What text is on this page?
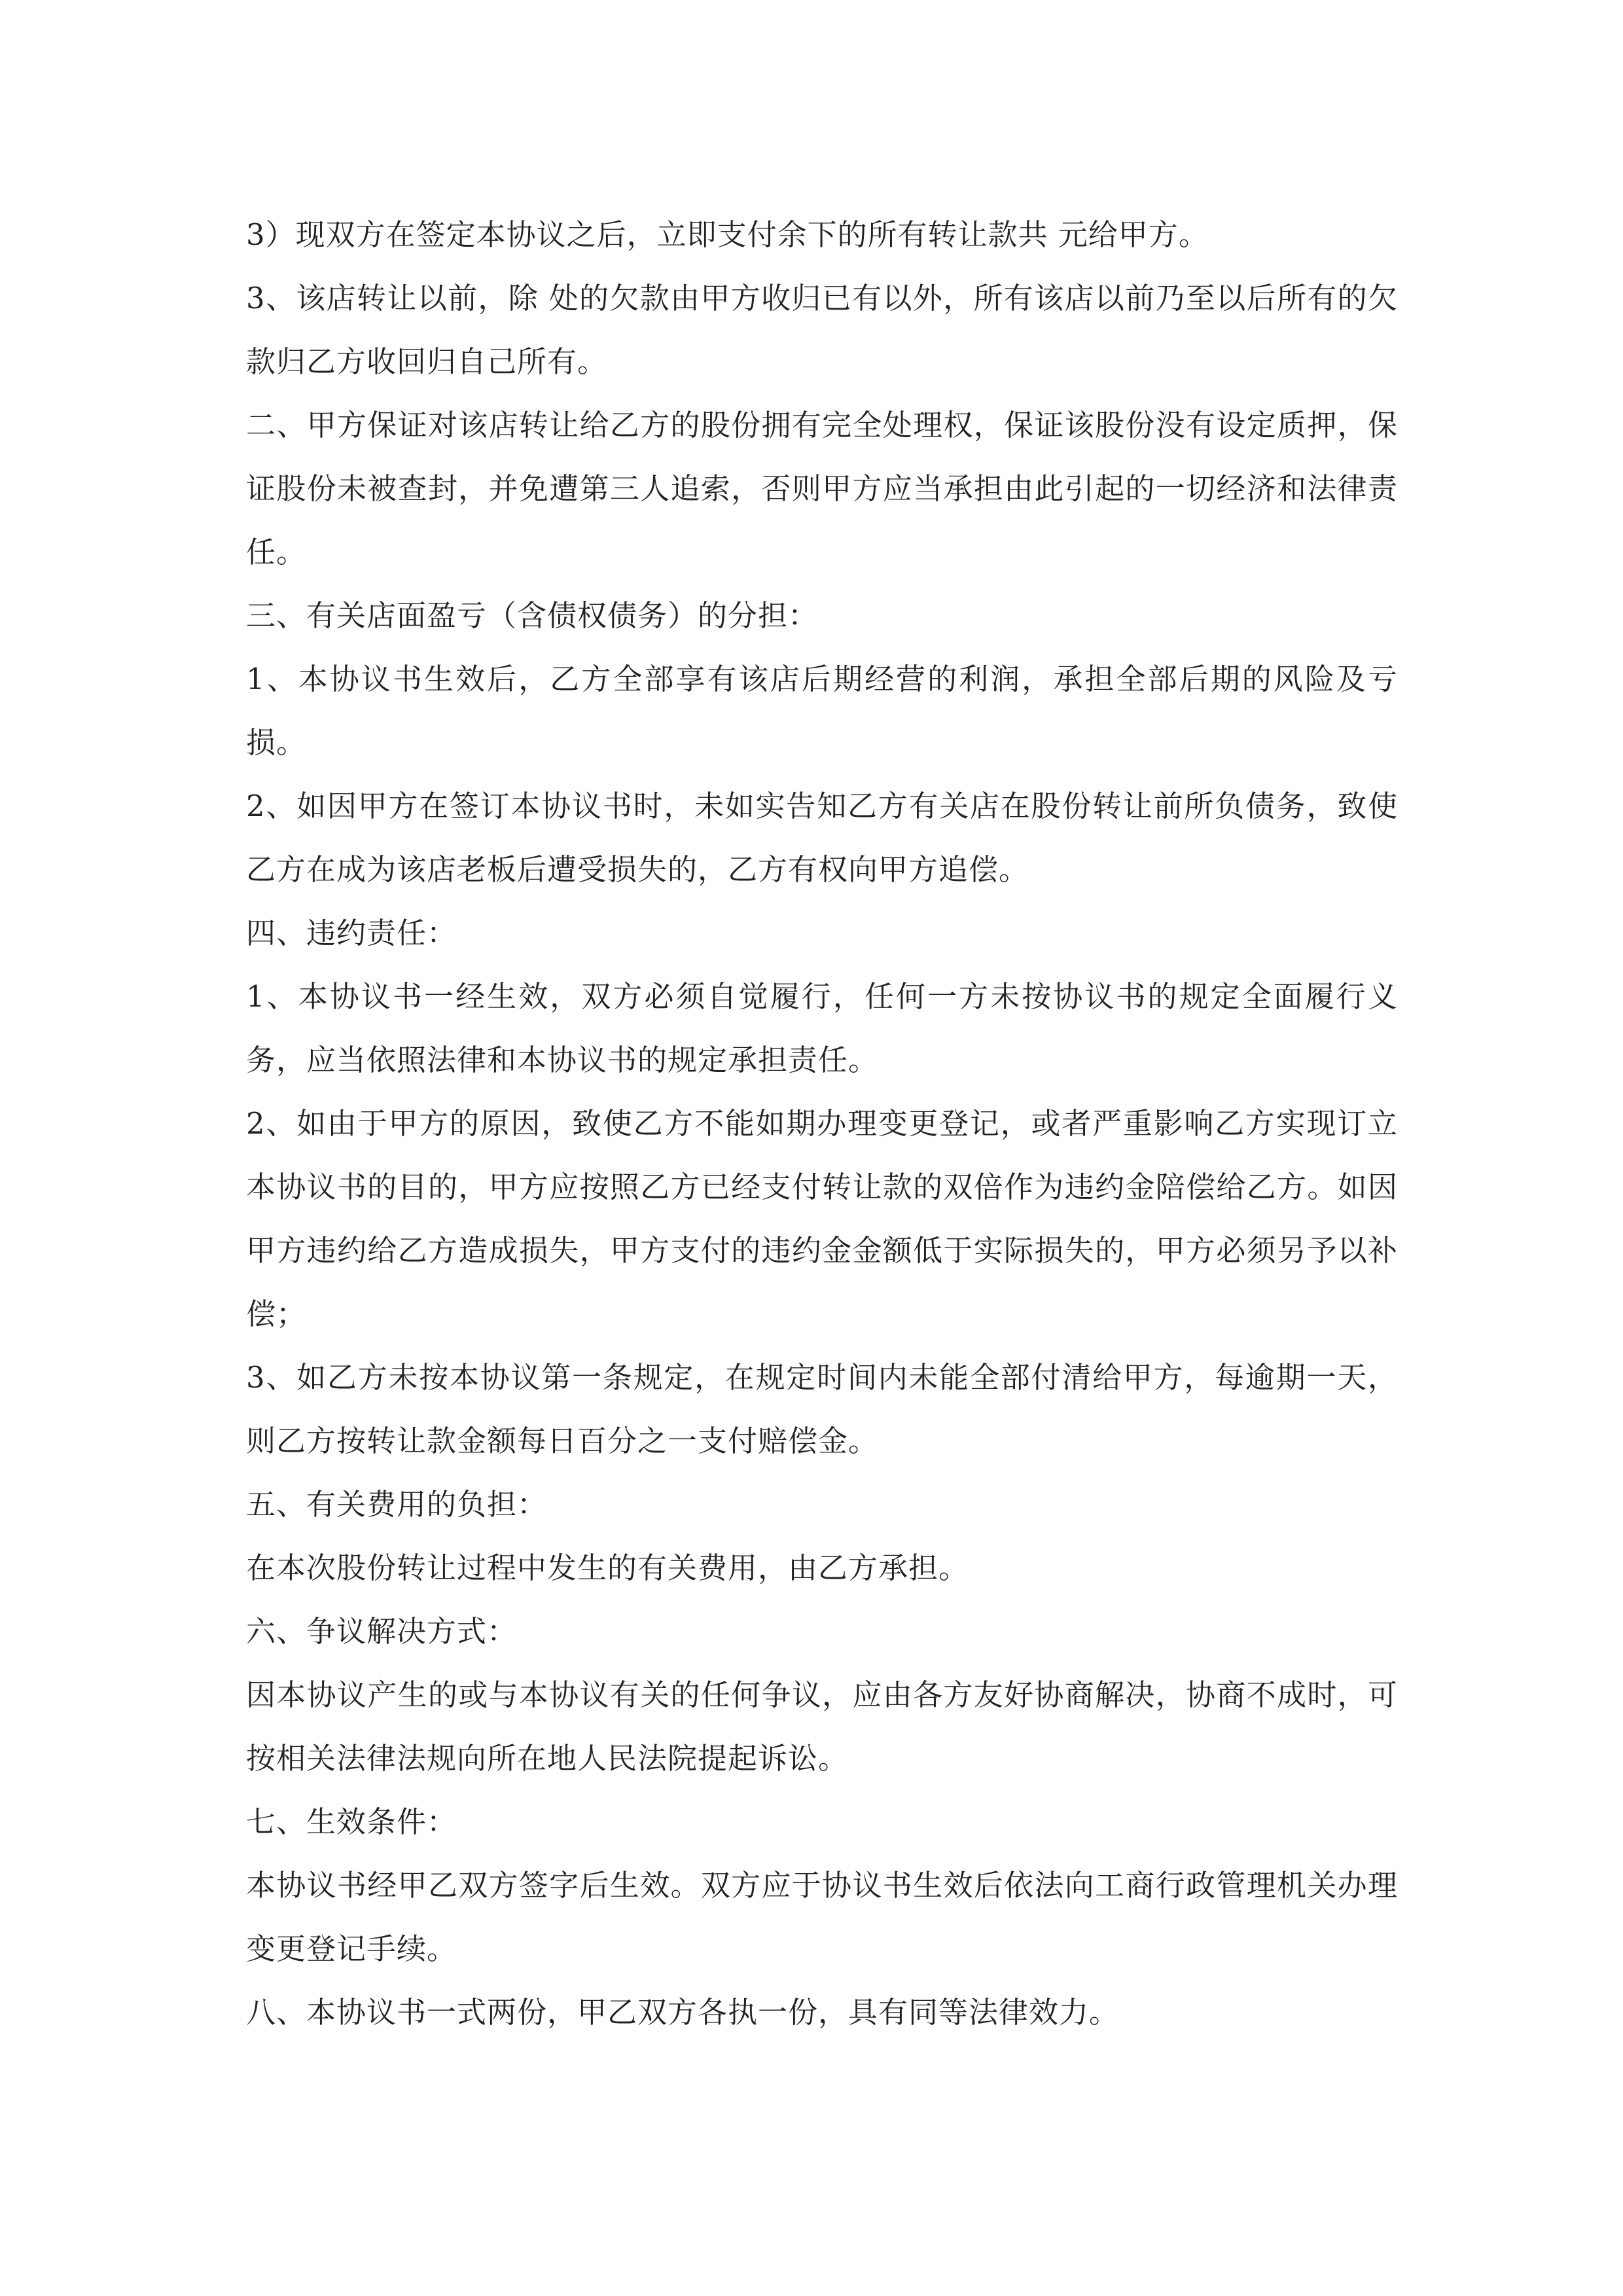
3）现双方在签定本协议之后，立即支付余下的所有转让款共 元给甲方。

3、该店转让以前，除 处的欠款由甲方收归已有以外，所有该店以前乃至以后所有的欠款归乙方收回归自己所有。

二、甲方保证对该店转让给乙方的股份拥有完全处理权，保证该股份没有设定质押，保证股份未被查封，并免遭第三人追索，否则甲方应当承担由此引起的一切经济和法律责任。

三、有关店面盈亏（含债权债务）的分担：

1、本协议书生效后，乙方全部享有该店后期经营的利润，承担全部后期的风险及亏损。

2、如因甲方在签订本协议书时，未如实告知乙方有关店在股份转让前所负债务，致使乙方在成为该店老板后遭受损失的，乙方有权向甲方追偿。

四、违约责任：

1、本协议书一经生效，双方必须自觉履行，任何一方未按协议书的规定全面履行义务，应当依照法律和本协议书的规定承担责任。

2、如由于甲方的原因，致使乙方不能如期办理变更登记，或者严重影响乙方实现订立本协议书的目的，甲方应按照乙方已经支付转让款的双倍作为违约金陪偿给乙方。如因甲方违约给乙方造成损失，甲方支付的违约金金额低于实际损失的，甲方必须另予以补偿；

3、如乙方未按本协议第一条规定，在规定时间内未能全部付清给甲方，每逾期一天，则乙方按转让款金额每日百分之一支付赔偿金。

五、有关费用的负担：

在本次股份转让过程中发生的有关费用，由乙方承担。

六、争议解决方式：

因本协议产生的或与本协议有关的任何争议，应由各方友好协商解决，协商不成时，可按相关法律法规向所在地人民法院提起诉讼。

七、生效条件：

本协议书经甲乙双方签字后生效。双方应于协议书生效后依法向工商行政管理机关办理变更登记手续。

八、本协议书一式两份，甲乙双方各执一份，具有同等法律效力。
